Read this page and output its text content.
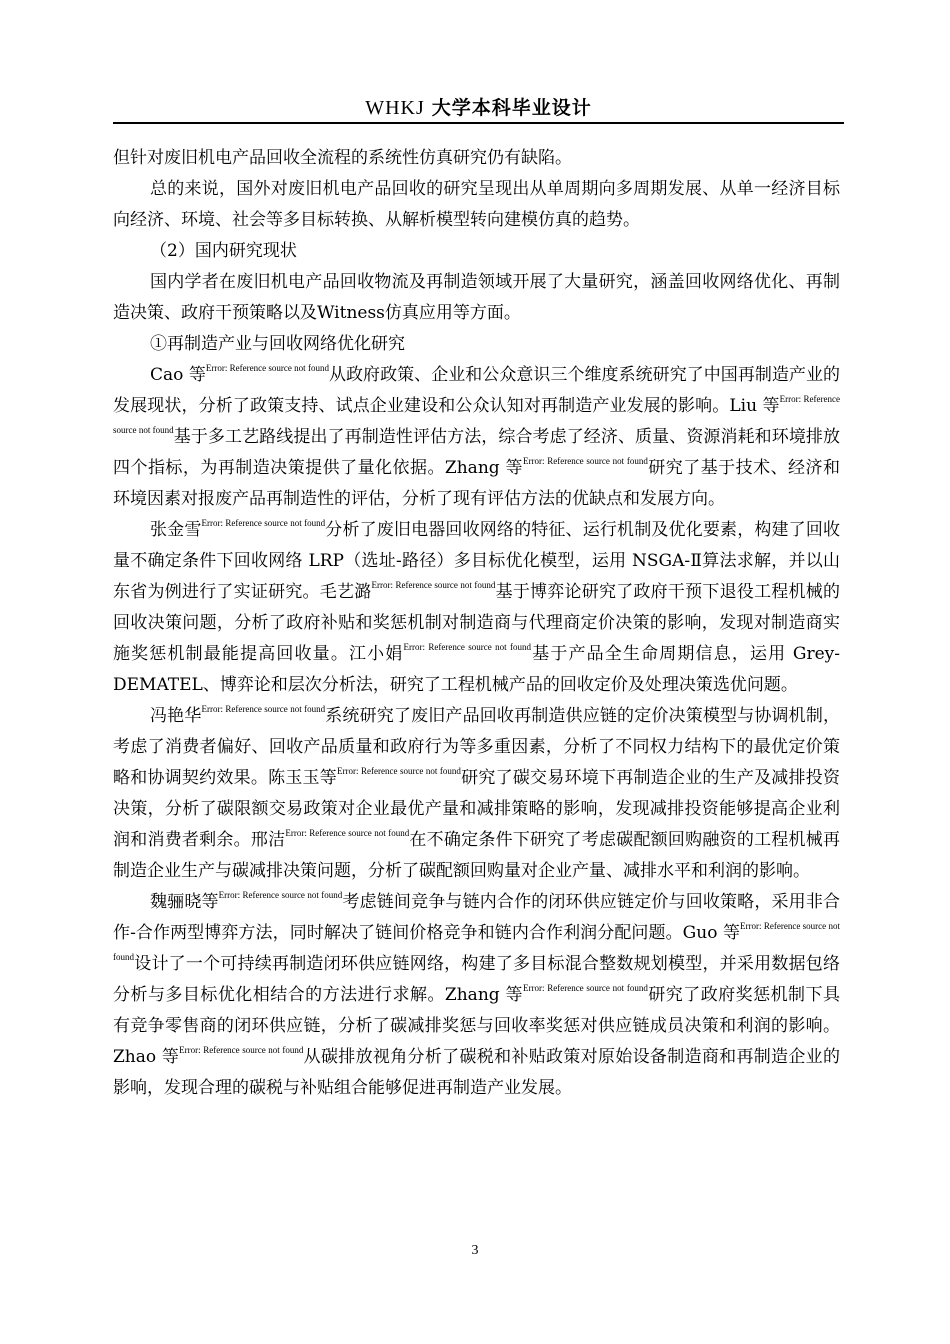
WHKJ 大学本科毕业设计

但针对废旧机电产品回收全流程的系统性仿真研究仍有缺陷。

总的来说，国外对废旧机电产品回收的研究呈现出从单周期向多周期发展、从单一经济目标向经济、环境、社会等多目标转换、从解析模型转向建模仿真的趋势。

（2）国内研究现状

国内学者在废旧机电产品回收物流及再制造领域开展了大量研究，涵盖回收网络优化、再制造决策、政府干预策略以及Witness仿真应用等方面。

①再制造产业与回收网络优化研究

Cao 等$^{Error: Reference source not found}$从政府政策、企业和公众意识三个维度系统研究了中国再制造产业的发展现状，分析了政策支持、试点企业建设和公众认知对再制造产业发展的影响。Liu 等$^{Error: Reference source not found}$基于多工艺路线提出了再制造性评估方法，综合考虑了经济、质量、资源消耗和环境排放四个指标，为再制造决策提供了量化依据。Zhang 等$^{Error: Reference source not found}$研究了基于技术、经济和环境因素对报废产品再制造性的评估，分析了现有评估方法的优缺点和发展方向。

张金雪$^{Error: Reference source not found}$分析了废旧电器回收网络的特征、运行机制及优化要素，构建了回收量不确定条件下回收网络 LRP（选址-路径）多目标优化模型，运用 NSGA-Ⅱ算法求解，并以山东省为例进行了实证研究。毛艺潞$^{Error: Reference source not found}$基于博弈论研究了政府干预下退役工程机械的回收决策问题，分析了政府补贴和奖惩机制对制造商与代理商定价决策的影响，发现对制造商实施奖惩机制最能提高回收量。江小娟$^{Error: Reference source not found}$基于产品全生命周期信息，运用 Grey-DEMATEL、博弈论和层次分析法，研究了工程机械产品的回收定价及处理决策选优问题。

冯艳华$^{Error: Reference source not found}$系统研究了废旧产品回收再制造供应链的定价决策模型与协调机制，考虑了消费者偏好、回收产品质量和政府行为等多重因素，分析了不同权力结构下的最优定价策略和协调契约效果。陈玉玉等$^{Error: Reference source not found}$研究了碳交易环境下再制造企业的生产及减排投资决策，分析了碳限额交易政策对企业最优产量和减排策略的影响，发现减排投资能够提高企业利润和消费者剩余。邢洁$^{Error: Reference source not found}$在不确定条件下研究了考虑碳配额回购融资的工程机械再制造企业生产与碳减排决策问题，分析了碳配额回购量对企业产量、减排水平和利润的影响。

魏骊晓等$^{Error: Reference source not found}$考虑链间竞争与链内合作的闭环供应链定价与回收策略，采用非合作-合作两型博弈方法，同时解决了链间价格竞争和链内合作利润分配问题。Guo 等$^{Error: Reference source not found}$设计了一个可持续再制造闭环供应链网络，构建了多目标混合整数规划模型，并采用数据包络分析与多目标优化相结合的方法进行求解。Zhang 等$^{Error: Reference source not found}$研究了政府奖惩机制下具有竞争零售商的闭环供应链，分析了碳减排奖惩与回收率奖惩对供应链成员决策和利润的影响。Zhao 等$^{Error: Reference source not found}$从碳排放视角分析了碳税和补贴政策对原始设备制造商和再制造企业的影响，发现合理的碳税与补贴组合能够促进再制造产业发展。

3
